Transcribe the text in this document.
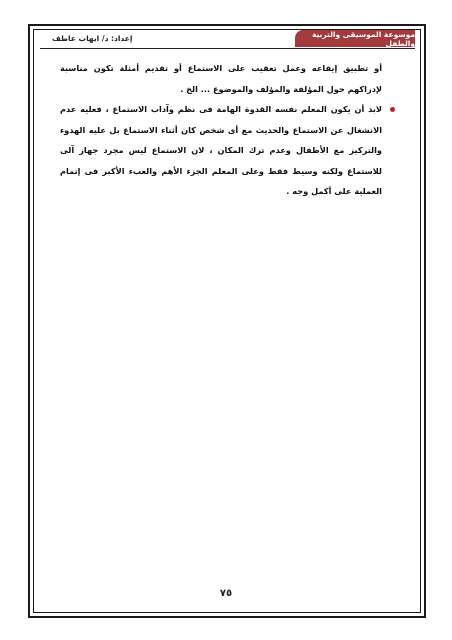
إعداد: د/ ايهاب عاطف	موسوعة الموسيقى والتربية والطفل

أو تطبيق إيقاعه وعمل تعقيب على الاستماع أو تقديم أمثلة تكون مناسبة لإدراكهم حول المؤلفة والمؤلف والموضوع ... الخ .

لابد أن يكون المعلم نفسه القدوة الهامة فى نظم وآداب الاستماع ، فعليه عدم الانشغال عن الاستماع والحديث مع أى شخص كان أثناء الاستماع بل عليه الهدوء والتركيز مع الأطفال وعدم ترك المكان ، لان الاستماع ليس مجرد جهاز آلى للاستماع ولكنه وسيط فقط وعلى المعلم الجزء الأهم والعبء الأكبر فى إتمام العملية على أكمل وجه .
٧٥
